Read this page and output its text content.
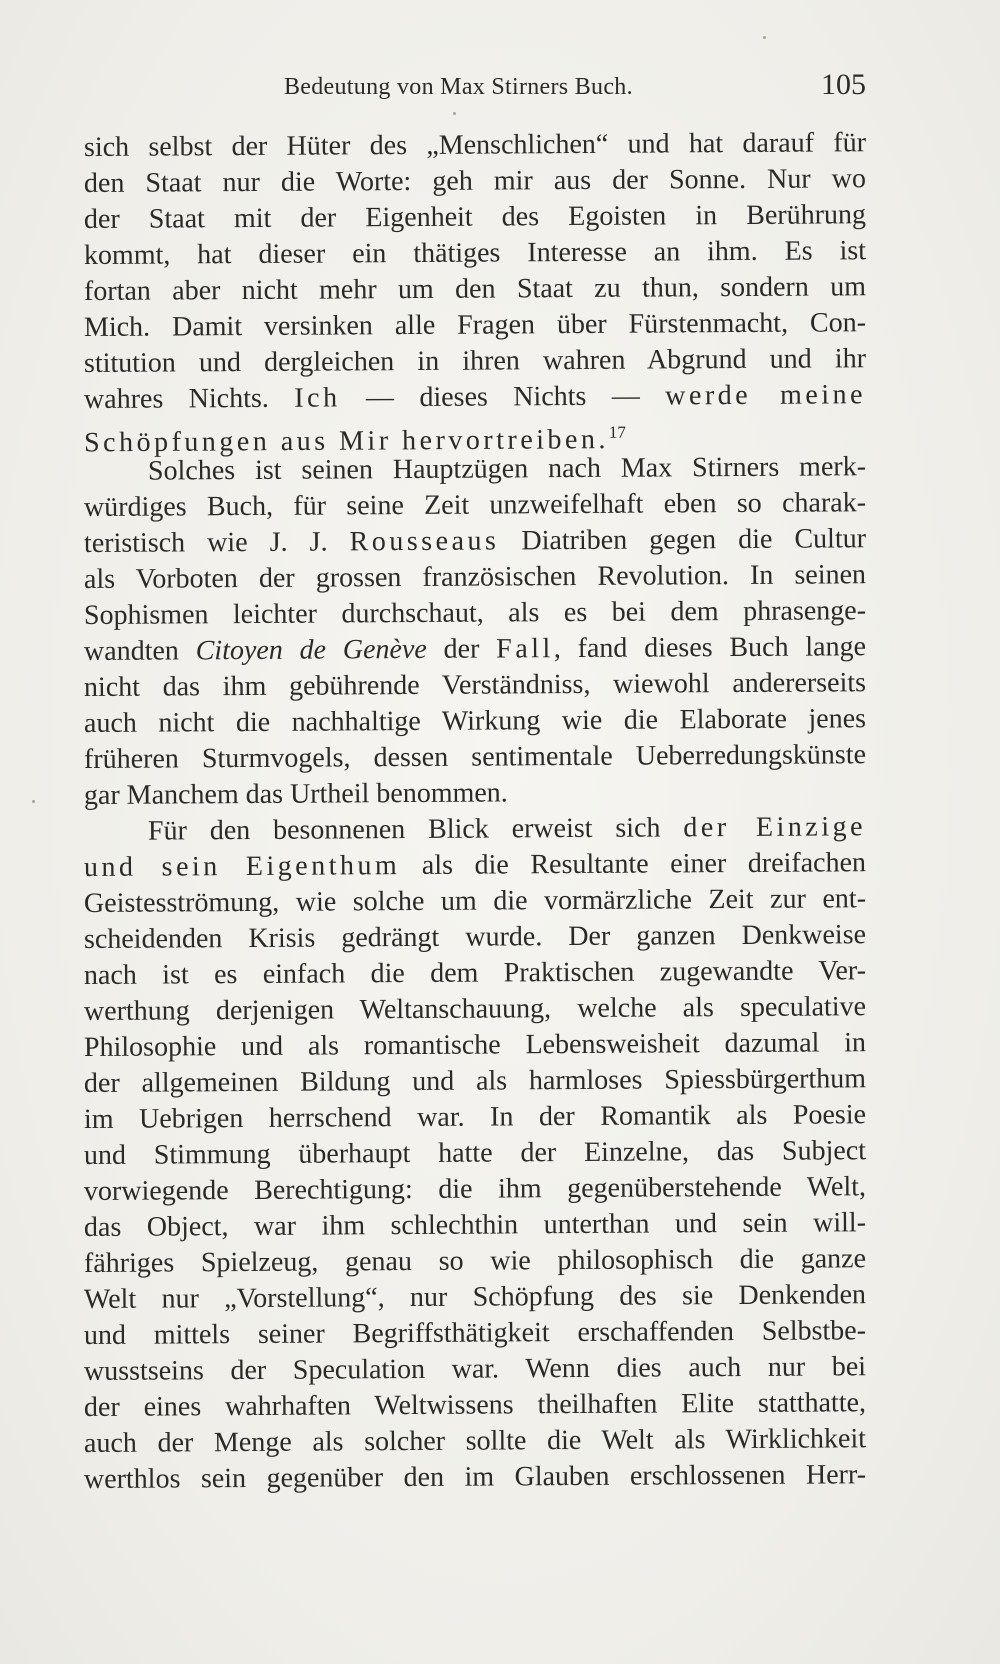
Bedeutung von Max Stirners Buch.	105
sich selbst der Hüter des „Menschlichen“ und hat darauf für
den Staat nur die Worte: geh mir aus der Sonne. Nur wo
der Staat mit der Eigenheit des Egoisten in Berührung
kommt, hat dieser ein thätiges Interesse an ihm. Es ist
fortan aber nicht mehr um den Staat zu thun, sondern um
Mich. Damit versinken alle Fragen über Fürstenmacht, Con-
stitution und dergleichen in ihren wahren Abgrund und ihr
wahres Nichts. Ich — dieses Nichts — werde meine
Schöpfungen aus Mir hervortreiben.$^{17}$
Solches ist seinen Hauptzügen nach Max Stirners merk-
würdiges Buch, für seine Zeit unzweifelhaft eben so charak-
teristisch wie J. J. Rousseaus Diatriben gegen die Cultur
als Vorboten der grossen französischen Revolution. In seinen
Sophismen leichter durchschaut, als es bei dem phrasenge-
wandten Citoyen de Genève der Fall, fand dieses Buch lange
nicht das ihm gebührende Verständniss, wiewohl andererseits
auch nicht die nachhaltige Wirkung wie die Elaborate jenes
früheren Sturmvogels, dessen sentimentale Ueberredungskünste
gar Manchem das Urtheil benommen.
Für den besonnenen Blick erweist sich der Einzige
und sein Eigenthum als die Resultante einer dreifachen
Geistesströmung, wie solche um die vormärzliche Zeit zur ent-
scheidenden Krisis gedrängt wurde. Der ganzen Denkweise
nach ist es einfach die dem Praktischen zugewandte Ver-
werthung derjenigen Weltanschauung, welche als speculative
Philosophie und als romantische Lebensweisheit dazumal in
der allgemeinen Bildung und als harmloses Spiessbürgerthum
im Uebrigen herrschend war. In der Romantik als Poesie
und Stimmung überhaupt hatte der Einzelne, das Subject
vorwiegende Berechtigung: die ihm gegenüberstehende Welt,
das Object, war ihm schlechthin unterthan und sein will-
fähriges Spielzeug, genau so wie philosophisch die ganze
Welt nur „Vorstellung“, nur Schöpfung des sie Denkenden
und mittels seiner Begriffsthätigkeit erschaffenden Selbstbe-
wusstseins der Speculation war. Wenn dies auch nur bei
der eines wahrhaften Weltwissens theilhaften Elite statthatte,
auch der Menge als solcher sollte die Welt als Wirklichkeit
werthlos sein gegenüber den im Glauben erschlossenen Herr-
